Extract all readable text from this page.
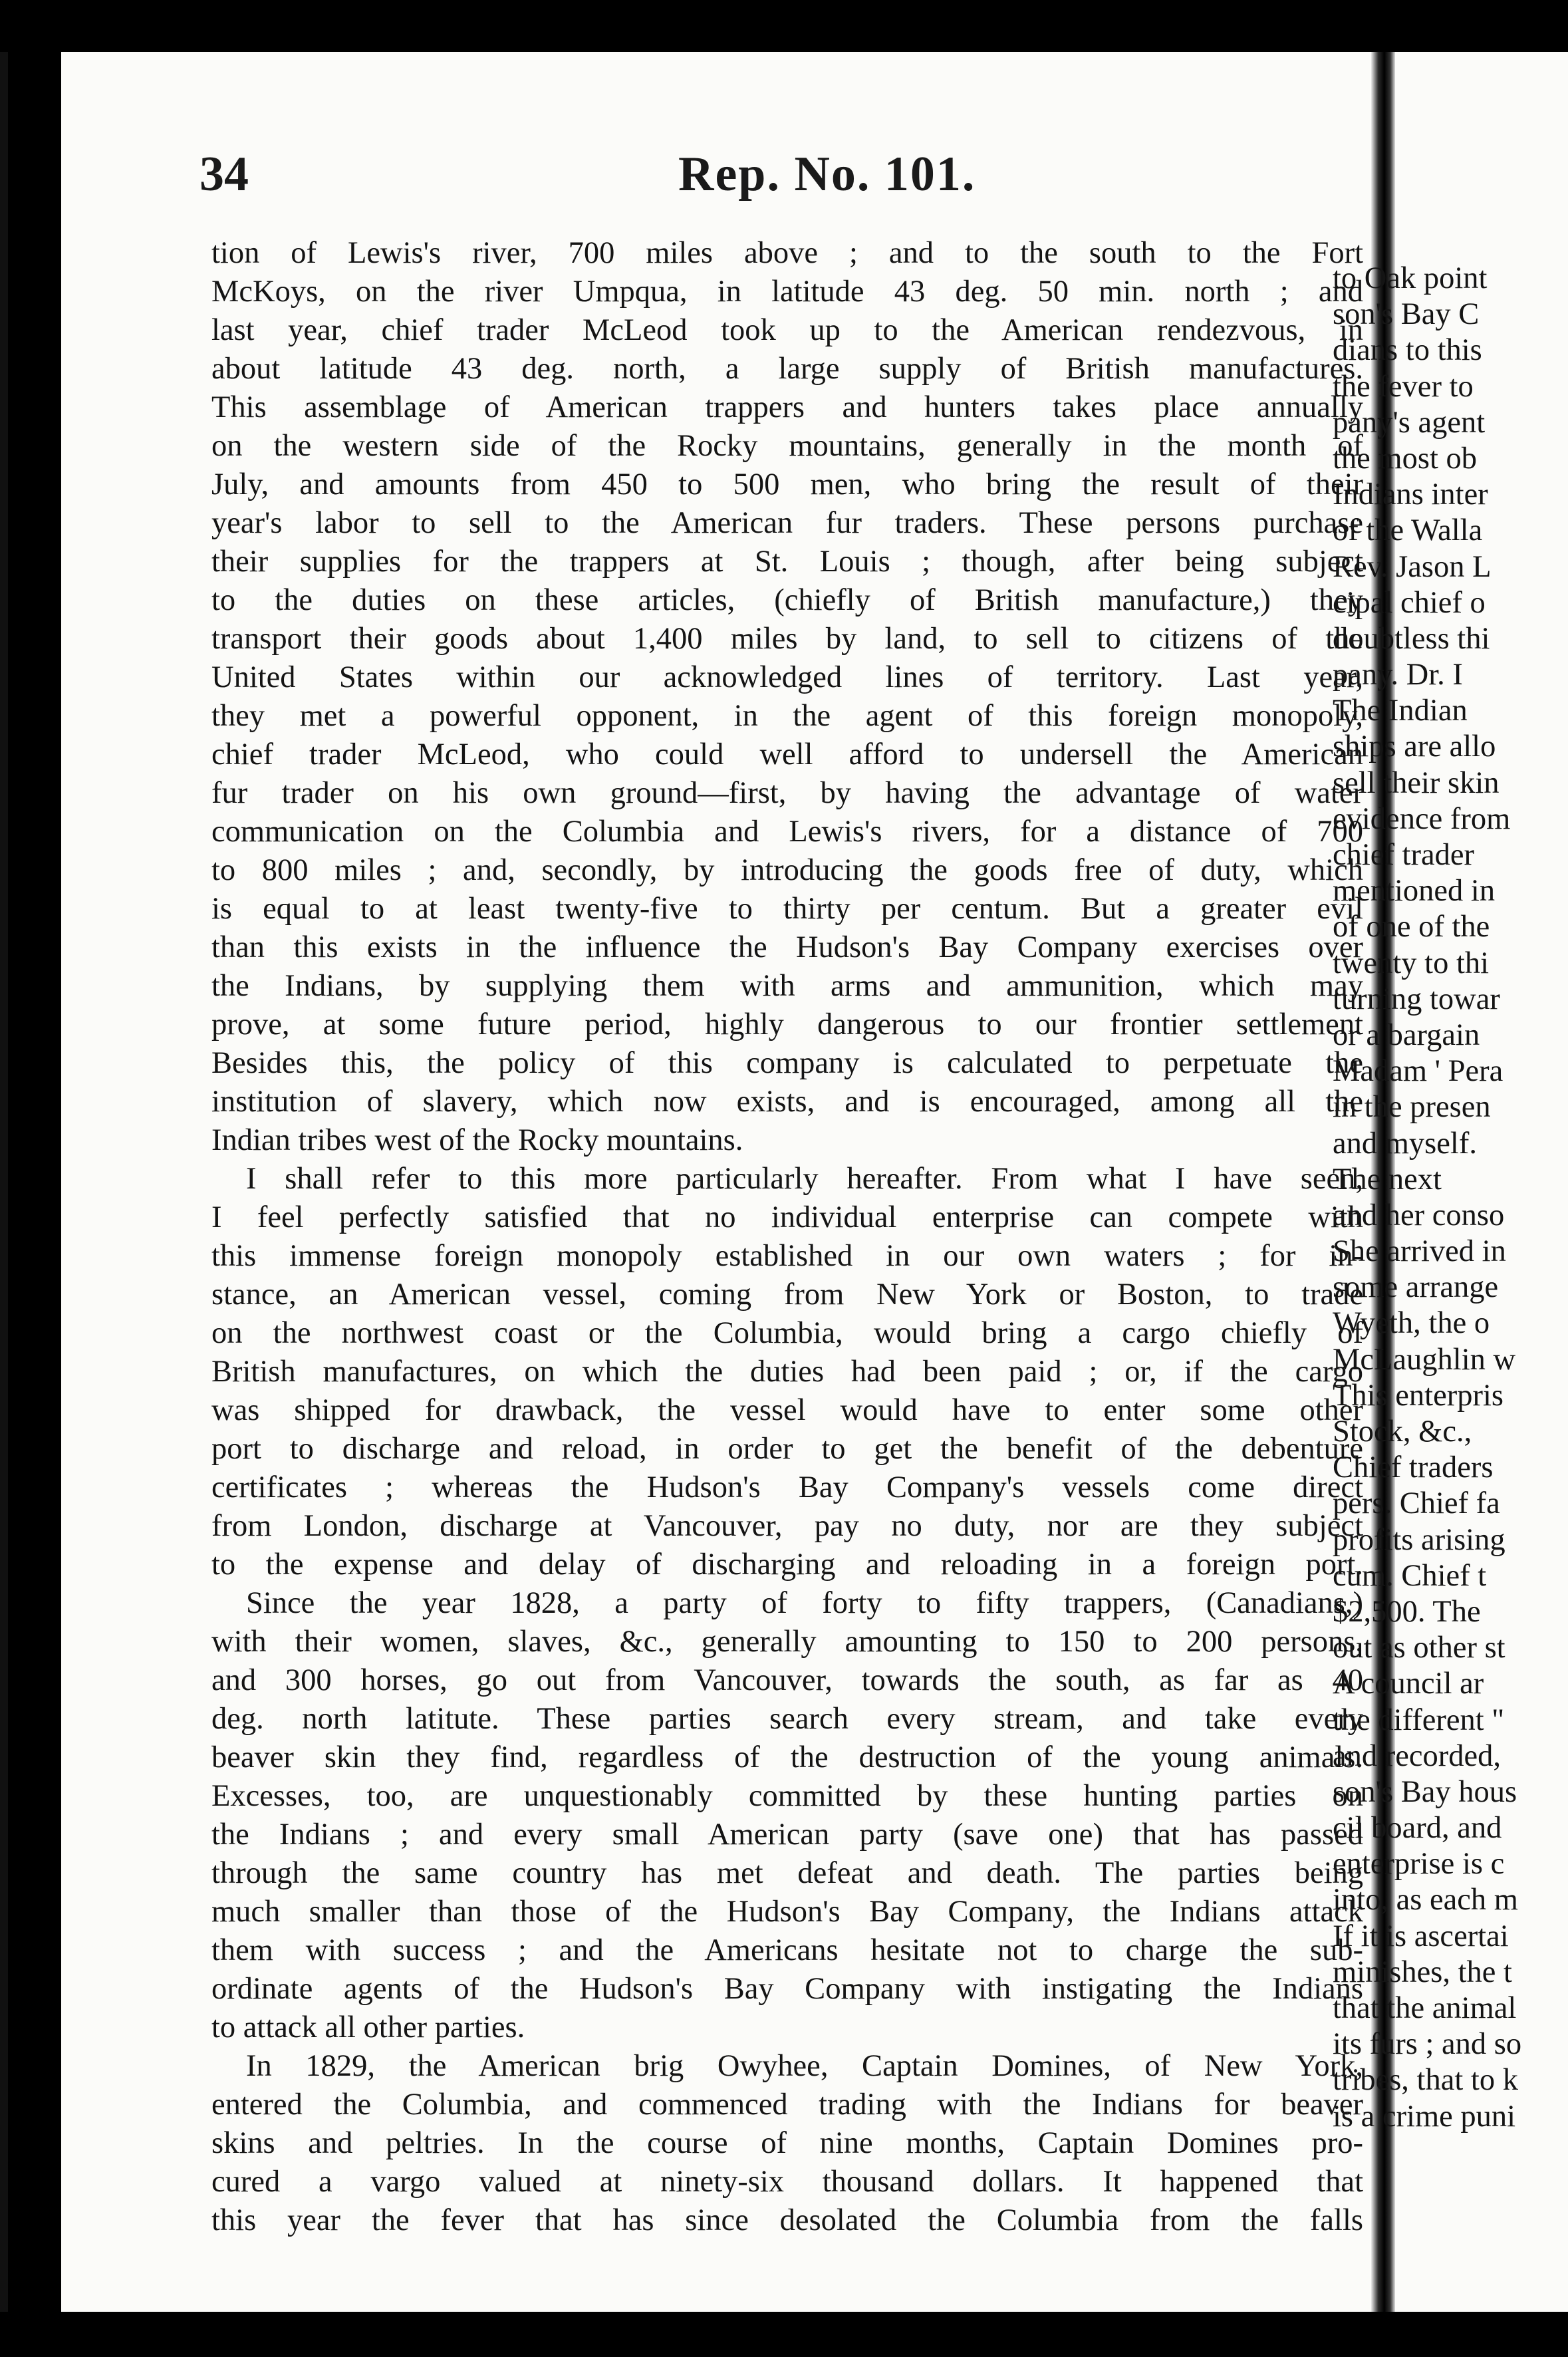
34	Rep. No. 101.
tion of Lewis's river, 700 miles above ; and to the south to the Fort
McKoys, on the river Umpqua, in latitude 43 deg. 50 min. north ; and
last year, chief trader McLeod took up to the American rendezvous, in
about latitude 43 deg. north, a large supply of British manufactures.
This assemblage of American trappers and hunters takes place annually
on the western side of the Rocky mountains, generally in the month of
July, and amounts from 450 to 500 men, who bring the result of their
year's labor to sell to the American fur traders. These persons purchase
their supplies for the trappers at St. Louis ; though, after being subject
to the duties on these articles, (chiefly of British manufacture,) they
transport their goods about 1,400 miles by land, to sell to citizens of the
United States within our acknowledged lines of territory. Last year,
they met a powerful opponent, in the agent of this foreign monopoly,
chief trader McLeod, who could well afford to undersell the American
fur trader on his own ground—first, by having the advantage of water
communication on the Columbia and Lewis's rivers, for a distance of 700
to 800 miles ; and, secondly, by introducing the goods free of duty, which
is equal to at least twenty-five to thirty per centum. But a greater evil
than this exists in the influence the Hudson's Bay Company exercises over
the Indians, by supplying them with arms and ammunition, which may
prove, at some future period, highly dangerous to our frontier settlement
Besides this, the policy of this company is calculated to perpetuate the
institution of slavery, which now exists, and is encouraged, among all the
Indian tribes west of the Rocky mountains.
I shall refer to this more particularly hereafter. From what I have seen,
I feel perfectly satisfied that no individual enterprise can compete with
this immense foreign monopoly established in our own waters ; for in-
stance, an American vessel, coming from New York or Boston, to trade
on the northwest coast or the Columbia, would bring a cargo chiefly of
British manufactures, on which the duties had been paid ; or, if the cargo
was shipped for drawback, the vessel would have to enter some other
port to discharge and reload, in order to get the benefit of the debenture
certificates ; whereas the Hudson's Bay Company's vessels come direct
from London, discharge at Vancouver, pay no duty, nor are they subject
to the expense and delay of discharging and reloading in a foreign port.
Since the year 1828, a party of forty to fifty trappers, (Canadians,)
with their women, slaves, &c., generally amounting to 150 to 200 persons,
and 300 horses, go out from Vancouver, towards the south, as far as 40
deg. north latitute. These parties search every stream, and take every
beaver skin they find, regardless of the destruction of the young animals.
Excesses, too, are unquestionably committed by these hunting parties on
the Indians ; and every small American party (save one) that has passed
through the same country has met defeat and death. The parties being
much smaller than those of the Hudson's Bay Company, the Indians attack
them with success ; and the Americans hesitate not to charge the sub-
ordinate agents of the Hudson's Bay Company with instigating the Indians
to attack all other parties.
In 1829, the American brig Owyhee, Captain Domines, of New York,
entered the Columbia, and commenced trading with the Indians for beaver
skins and peltries. In the course of nine months, Captain Domines pro-
cured a vargo valued at ninety-six thousand dollars. It happened that
this year the fever that has since desolated the Columbia from the falls
to Oak point
son's Bay C
dians to this
the fever to
pany's agent
the most ob
Indians inter
of the Walla
Rev. Jason L
cipal chief o
doubtless thi
pany. Dr. I
The Indian
ships are allo
sell their skin
evidence from
chief trader
mentioned in
of one of the
twenty to thi
turning towar
or a bargain
Madam ' Pera
in the presen
and myself.
The next
and her conso
She arrived in
some arrange
Wyeth, the o
McLaughlin w
This enterpris
Stock, &c.,
Chief traders
pers. Chief fa
profits arising
cum. Chief t
$2,500. The
out as other st
A council ar
the different "
and recorded,
son's Bay hous
cil board, and
enterprise is c
into, as each m
If it is ascertai
minishes, the t
that the animal
its furs ; and so
tribes, that to k
is a crime puni
